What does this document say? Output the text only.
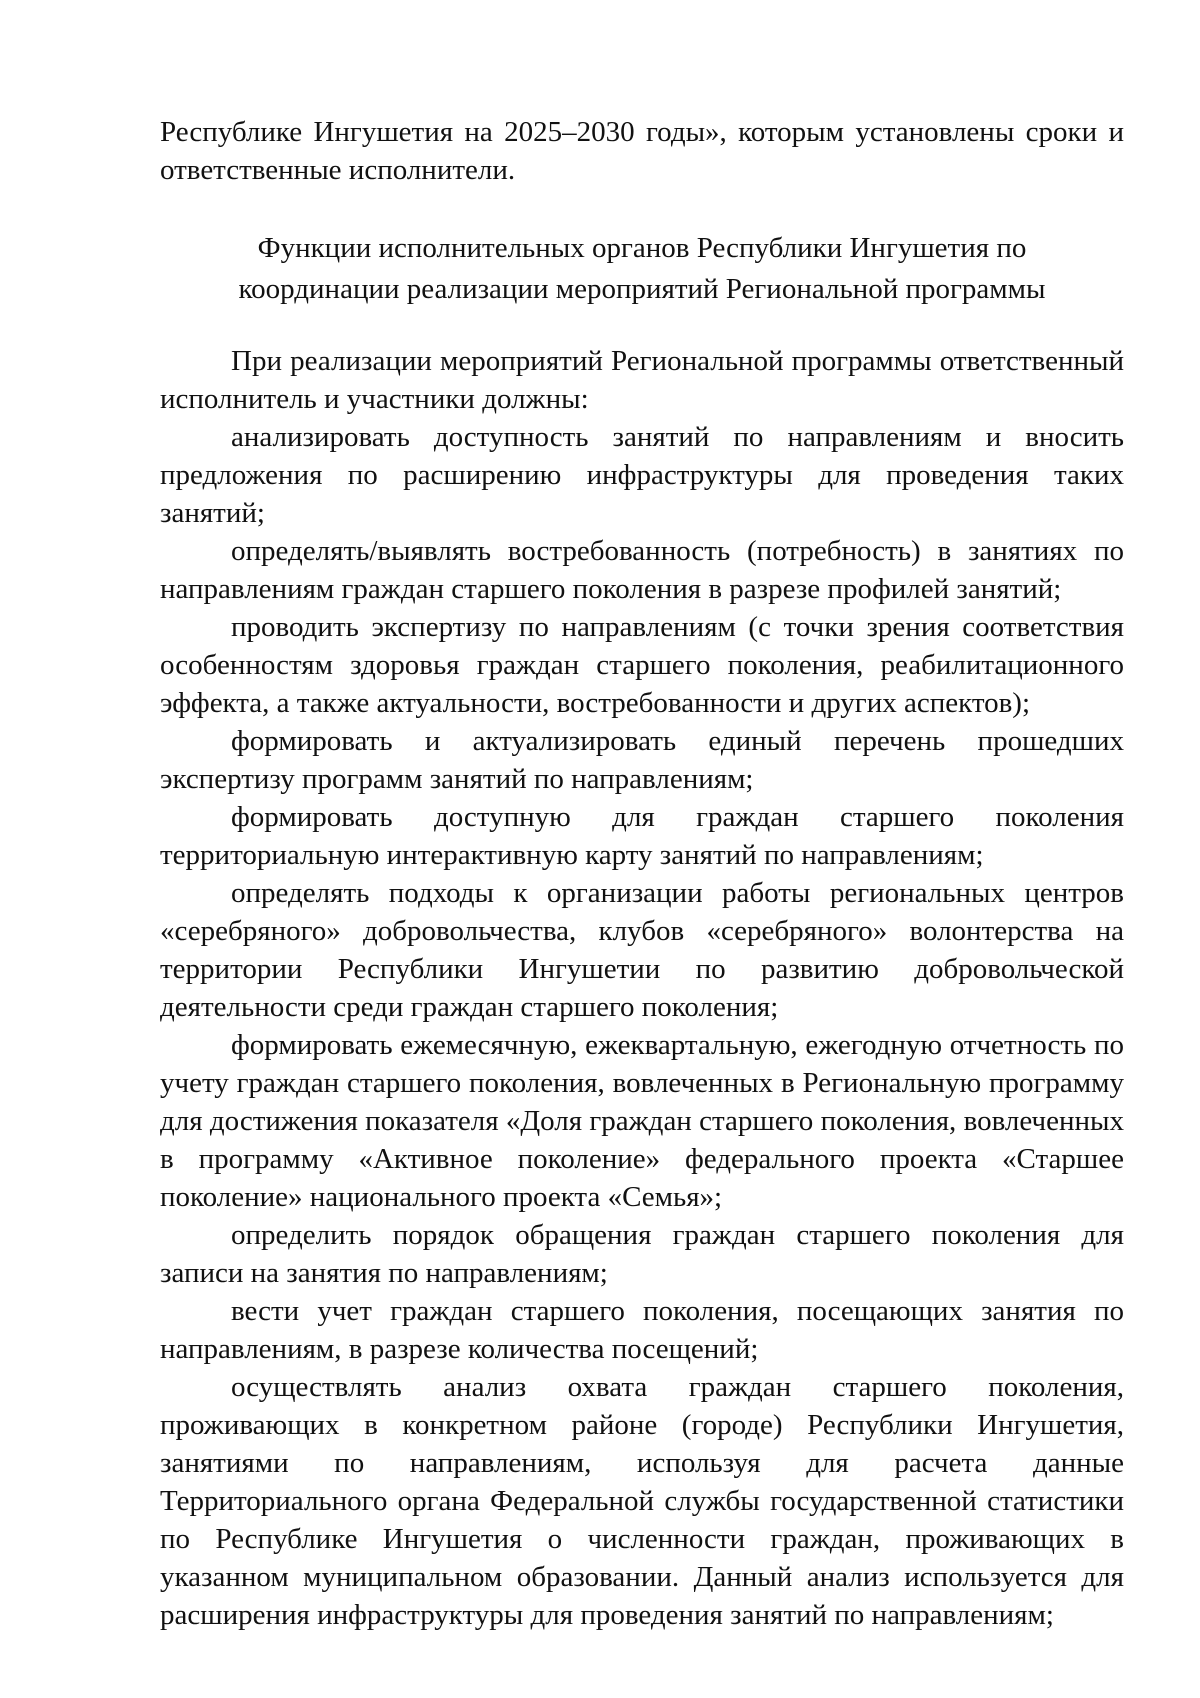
Республике Ингушетия на 2025–2030 годы», которым установлены сроки и ответственные исполнители.

Функции исполнительных органов Республики Ингушетия по
координации реализации мероприятий Региональной программы

При реализации мероприятий Региональной программы ответственный исполнитель и участники должны:

анализировать доступность занятий по направлениям и вносить предложения по расширению инфраструктуры для проведения таких занятий;

определять/выявлять востребованность (потребность) в занятиях по направлениям граждан старшего поколения в разрезе профилей занятий;

проводить экспертизу по направлениям (с точки зрения соответствия особенностям здоровья граждан старшего поколения, реабилитационного эффекта, а также актуальности, востребованности и других аспектов);

формировать и актуализировать единый перечень прошедших экспертизу программ занятий по направлениям;

формировать доступную для граждан старшего поколения территориальную интерактивную карту занятий по направлениям;

определять подходы к организации работы региональных центров «серебряного» добровольчества, клубов «серебряного» волонтерства на территории Республики Ингушетии по развитию добровольческой деятельности среди граждан старшего поколения;

формировать ежемесячную, ежеквартальную, ежегодную отчетность по учету граждан старшего поколения, вовлеченных в Региональную программу для достижения показателя «Доля граждан старшего поколения, вовлеченных в программу «Активное поколение» федерального проекта «Старшее поколение» национального проекта «Семья»;

определить порядок обращения граждан старшего поколения для записи на занятия по направлениям;

вести учет граждан старшего поколения, посещающих занятия по направлениям, в разрезе количества посещений;

осуществлять анализ охвата граждан старшего поколения, проживающих в конкретном районе (городе) Республики Ингушетия, занятиями по направлениям, используя для расчета данные Территориального органа Федеральной службы государственной статистики по Республике Ингушетия о численности граждан, проживающих в указанном муниципальном образовании. Данный анализ используется для расширения инфраструктуры для проведения занятий по направлениям;
